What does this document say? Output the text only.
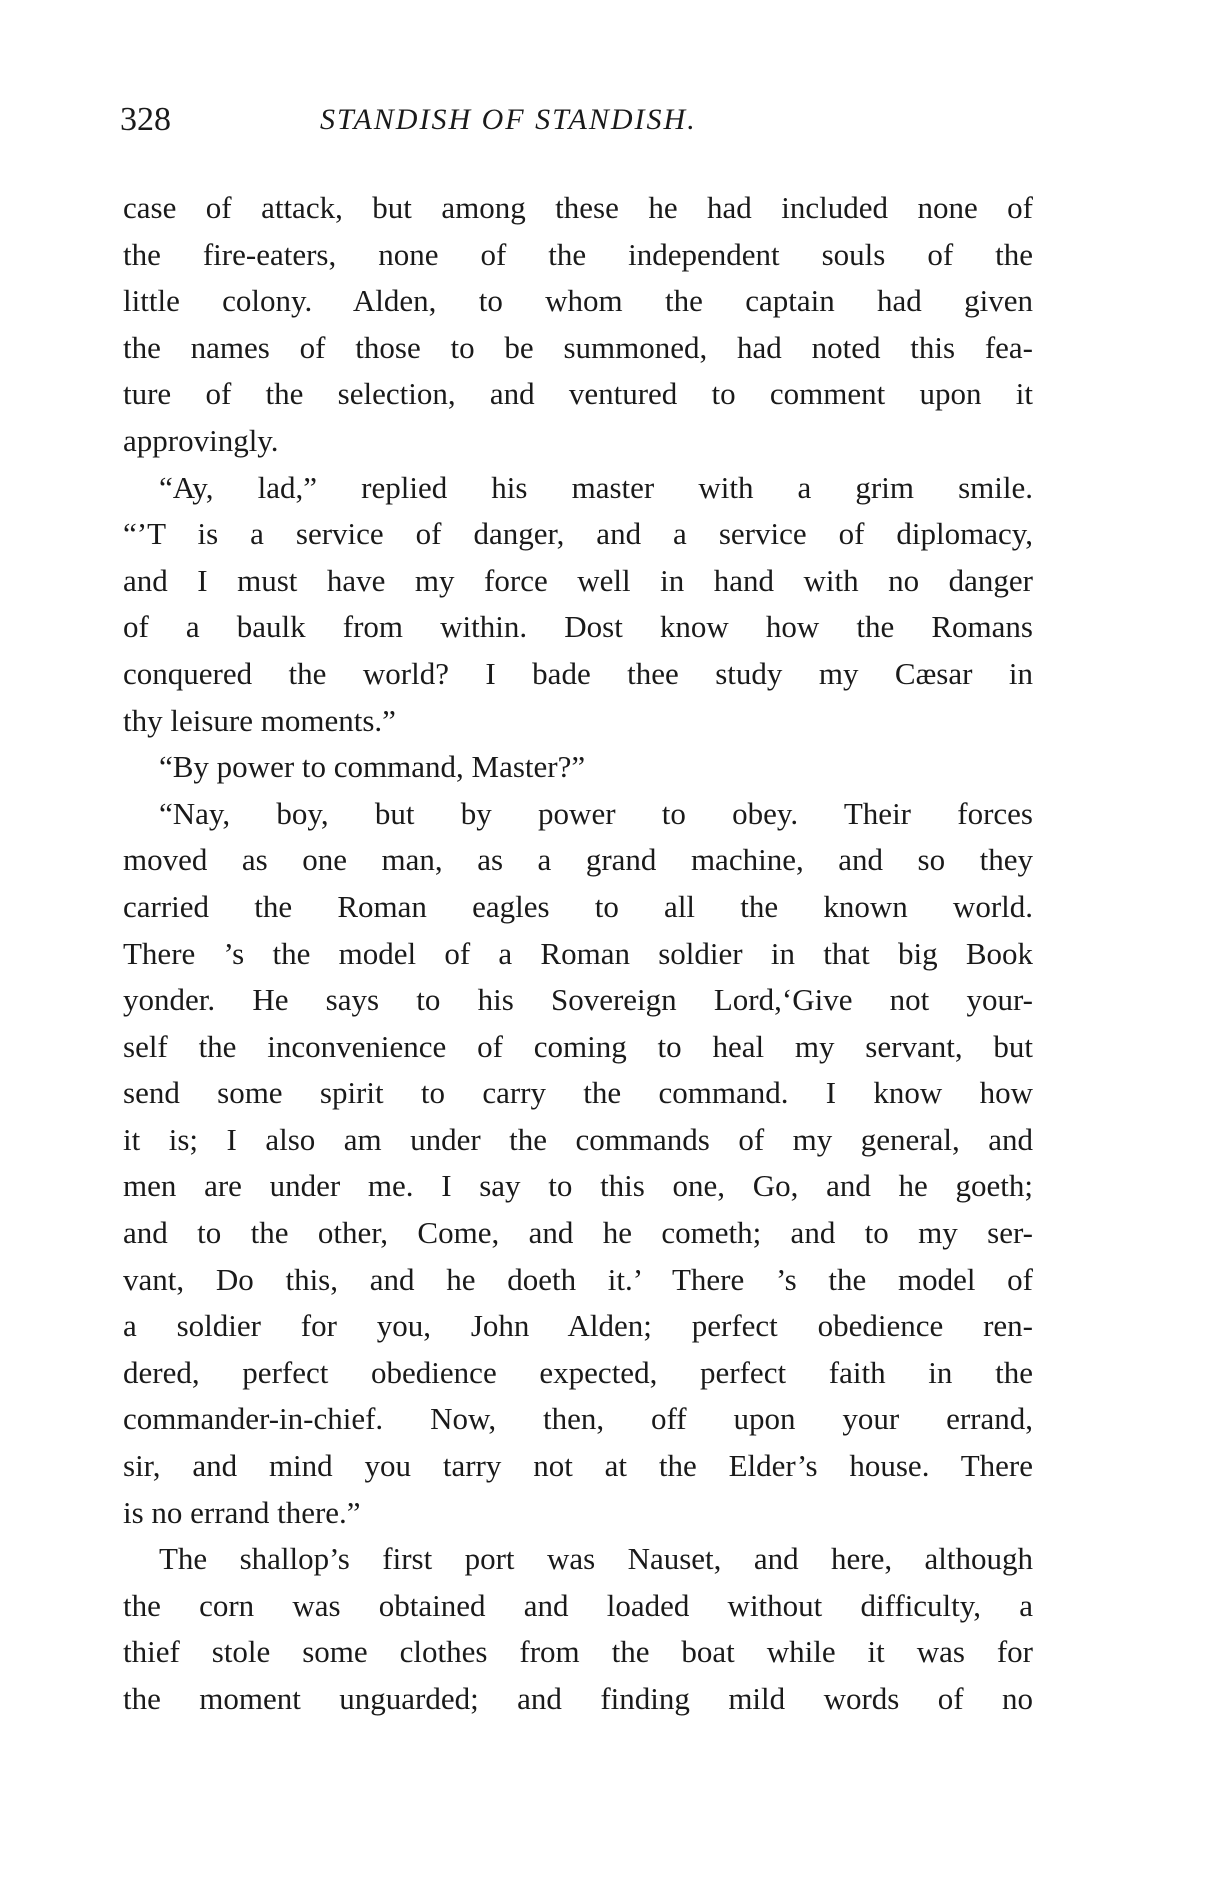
328	STANDISH OF STANDISH.

case of attack, but among these he had included none of

the fire-eaters, none of the independent souls of the

little colony. Alden, to whom the captain had given

the names of those to be summoned, had noted this fea-

ture of the selection, and ventured to comment upon it

approvingly.

“Ay, lad,” replied his master with a grim smile.

“’T is a service of danger, and a service of diplomacy,

and I must have my force well in hand with no danger

of a baulk from within. Dost know how the Romans

conquered the world? I bade thee study my Cæsar in

thy leisure moments.”

“By power to command, Master?”

“Nay, boy, but by power to obey. Their forces

moved as one man, as a grand machine, and so they

carried the Roman eagles to all the known world.

There ’s the model of a Roman soldier in that big Book

yonder. He says to his Sovereign Lord,‘Give not your-

self the inconvenience of coming to heal my servant, but

send some spirit to carry the command. I know how

it is; I also am under the commands of my general, and

men are under me. I say to this one, Go, and he goeth;

and to the other, Come, and he cometh; and to my ser-

vant, Do this, and he doeth it.’ There ’s the model of

a soldier for you, John Alden; perfect obedience ren-

dered, perfect obedience expected, perfect faith in the

commander-in-chief. Now, then, off upon your errand,

sir, and mind you tarry not at the Elder’s house. There

is no errand there.”

The shallop’s first port was Nauset, and here, although

the corn was obtained and loaded without difficulty, a

thief stole some clothes from the boat while it was for

the moment unguarded; and finding mild words of no
